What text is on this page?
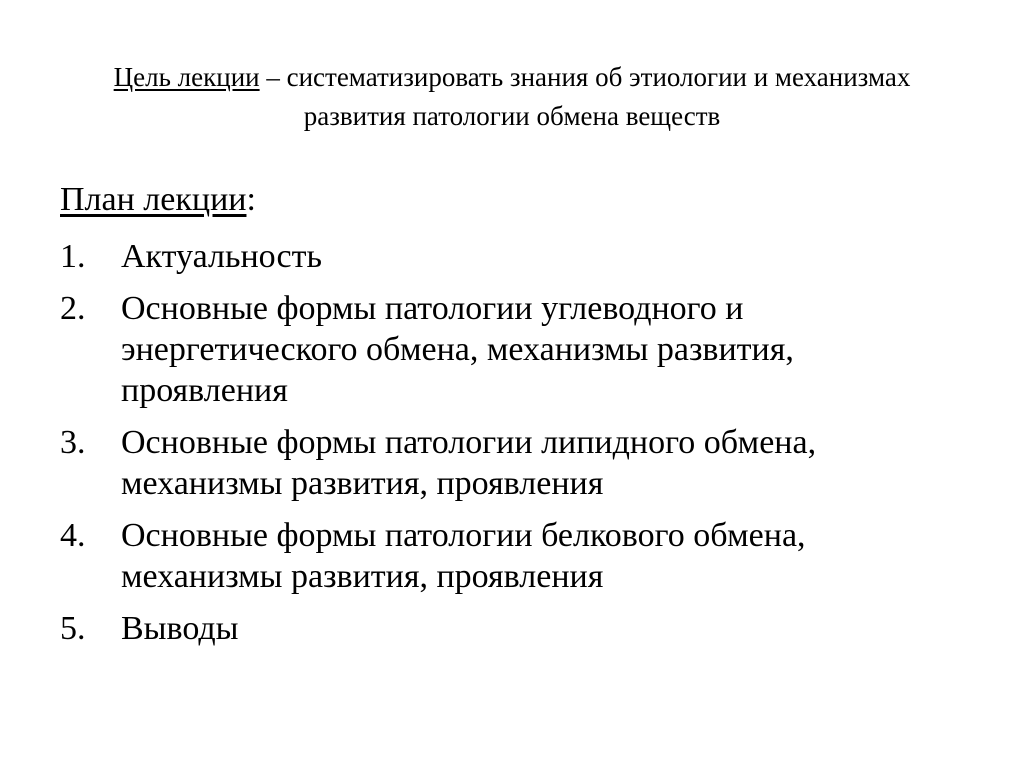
Цель лекции – систематизировать знания об этиологии и механизмах развития патологии обмена веществ
План лекции:
1.	Актуальность
2.	Основные формы патологии углеводного и энергетического обмена, механизмы развития, проявления
3.	Основные формы патологии липидного обмена, механизмы развития, проявления
4.	Основные формы патологии белкового обмена, механизмы развития, проявления
5.	Выводы
